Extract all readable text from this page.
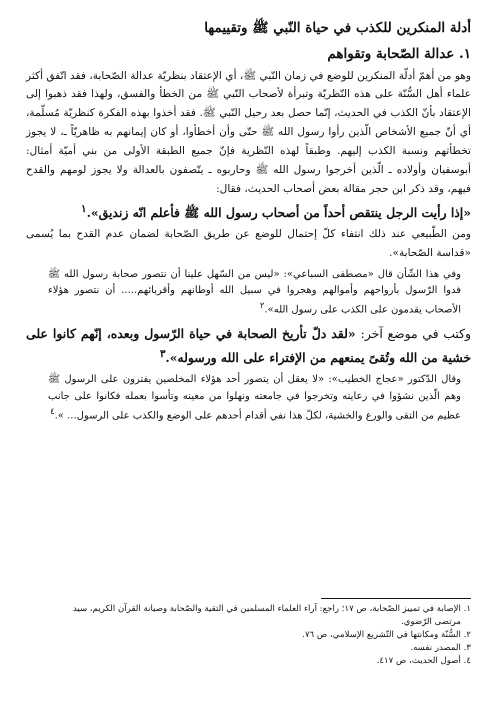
أدلة المنكرين للكذب في حياة النّبي ﷺ وتقييمها
١. عدالة الصّحابة وتقواهم

وهو من أهمّ أدلّة المنكرين للوضع في زمان النّبي ﷺ، أي الإعتقاد بنظريّة عدالة الصّحابة، فقد اتّفق أكثر علماء أهل السُّنّة على هذه النّظريّة وتبرأة لأصحاب النّبي ﷺ من الخطأ والفسق، ولهذا فقد ذهبوا إلى الإعتقاد بأنّ الكذب في الحديث، إنّما حصل بعد رحيل النّبي ﷺ. فقد أخذوا بهذه الفكرة كنظريّة مُسلّمة، أي أنّ جميع الأشخاص الّذين رأوا رسول الله ﷺ حتّى وأن أخطأوا، أو كان إيمانهم به ظاهريّاً ـ، لا يجوز تخطأتهم ونسبة الكذب إليهم. وطبقاً لهذه النّظرية فإنّ جميع الطبقة الأولى من بني أميّة أمثال: أبوسفيان وأولاده ـ الّذين أخرجوا رسول الله ﷺ وحاربوه ـ يتّصفون بالعدالة ولا يجوز لومهم والقدح فيهم، وقد ذكر ابن حجر مقالة بعض أصحاب الحديث، فقال:

«إذا رأيت الرجل ينتقص أحداً من أصحاب رسول الله ﷺ فأعلم انّه زنديق».$^١$

ومن الطّبيعي عند ذلك انتفاء كلّ إحتمال للوضع عن طريق الصّحابة لضمان عدم القدح بما يُسمى «قداسة الصّحابة».

وفي هذا الشّأن قال «مصطفى السباعي»: «ليس من السّهل علينا أن نتصور صحابة رسول الله ﷺ فدوا الرّسول بأرواحهم وأموالهم وهجروا في سبيل الله أوطانهم وأقربائهم..... أن نتصور هؤلاء الأصحاب يقدمون على الكذب على رسول الله».$^٢$

وكتب في موضع آخر: «لقد دلّ تأريخ الصحابة في حياة الرّسول وبعده، إنّهم كانوا على خشية من الله وتُقىً يمنعهم من الإفتراء على الله ورسوله».$^٣$

وقال الدّكتور «عجاج الخطيب»: «لا يعقل أن يتصور أحد هؤلاء المخلصين يفترون على الرسول ﷺ وهم الّذين نشؤوا في رعايته وتخرجوا في جامعته ونهلوا من معينه وتأسوا بعمله فكانوا على جانب عظيم من التقى والورع والخشية، لكلّ هذا نفي أقدام أحدهم على الوضع والكذب على الرسول... ».$^٤$

١. الإصابة في تمييز الصّحابة، ص ١٧؛ راجع: آراء العلماء المسلمين في التقية والصّحابة وصيانة القرآن الكريم، سيد

مرتضى الرّضوي.

٢. السُّنّة ومكانتها في التّشريع الإسلامي، ص ٧٦.

٣. المصدر نفسه.

٤. أصول الحديث، ص ٤١٧.
